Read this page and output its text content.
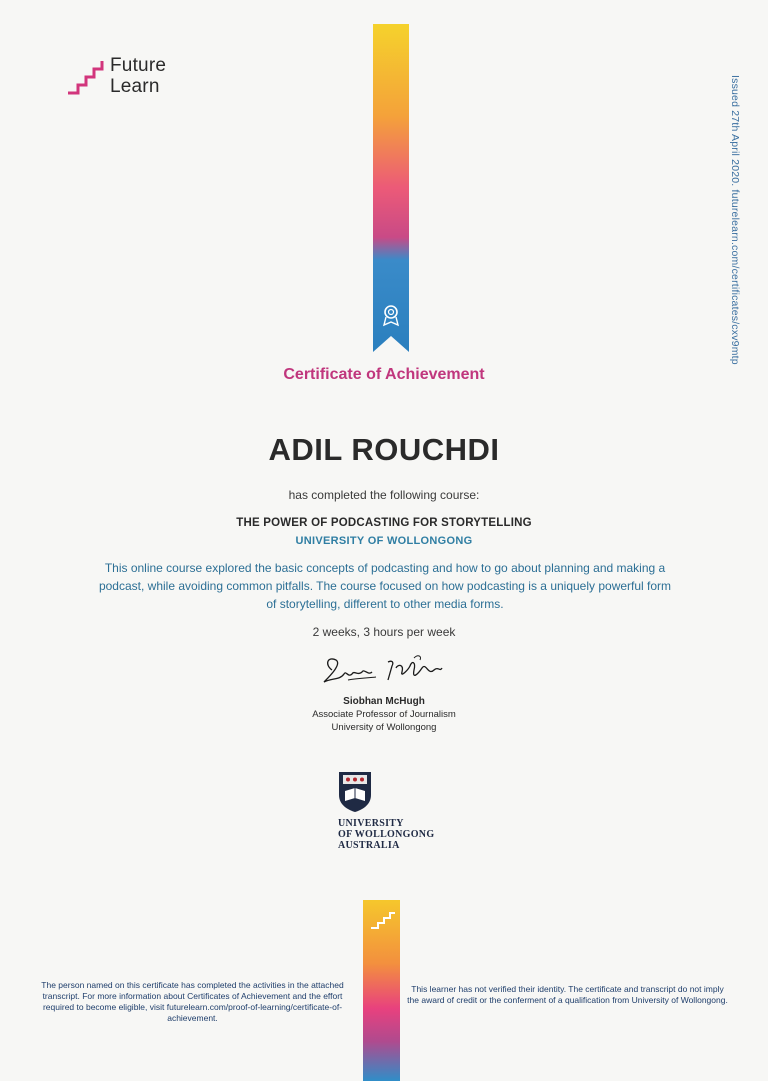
Future
Learn	Issued 27th April 2020. futurelearn.com/certificates/cxv9mtp
Certificate of Achievement
ADIL ROUCHDI
has completed the following course:
THE POWER OF PODCASTING FOR STORYTELLING
UNIVERSITY OF WOLLONGONG
This online course explored the basic concepts of podcasting and how to go about planning and making a podcast, while avoiding common pitfalls. The course focused on how podcasting is a uniquely powerful form of storytelling, different to other media forms.
2 weeks, 3 hours per week
Siobhan McHugh
Associate Professor of Journalism
University of Wollongong
UNIVERSITY
OF WOLLONGONG
AUSTRALIA
The person named on this certificate has completed the activities in the attached transcript. For more information about Certificates of Achievement and the effort required to become eligible, visit futurelearn.com/proof-of-learning/certificate-of-achievement.
This learner has not verified their identity. The certificate and transcript do not imply the award of credit or the conferment of a qualification from University of Wollongong.
